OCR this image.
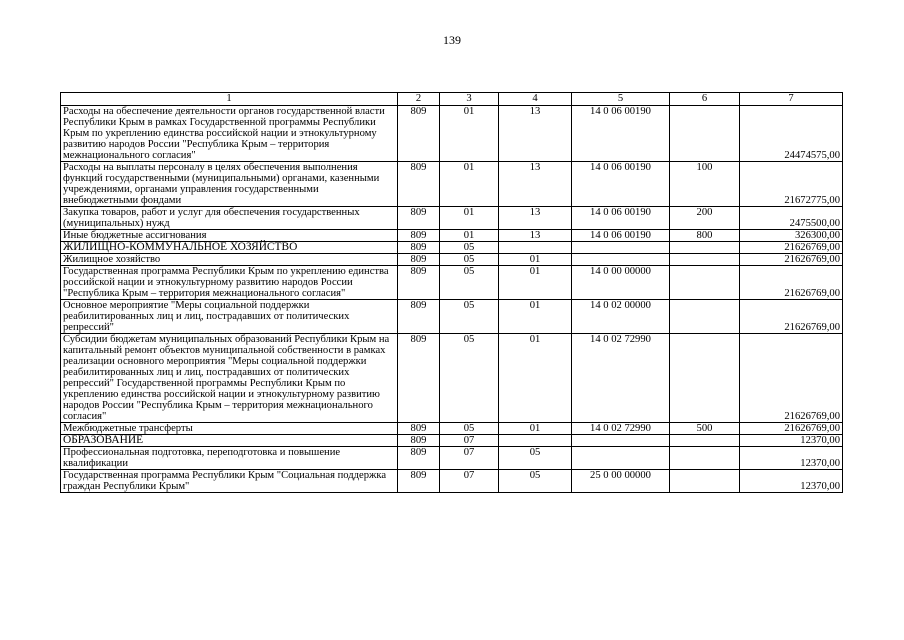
139
1	2	3	4	5	6	7
Расходы на обеспечение деятельности органов государственной власти Республики Крым в рамках Государственной программы Республики Крым по укреплению единства российской нации и этнокультурному развитию народов России "Республика Крым – территория межнационального согласия"	809	01	13	14 0 06 00190		24474575,00
Расходы на выплаты персоналу в целях обеспечения выполнения функций государственными (муниципальными) органами, казенными учреждениями, органами управления государственными внебюджетными фондами	809	01	13	14 0 06 00190	100	21672775,00
Закупка товаров, работ и услуг для обеспечения государственных (муниципальных) нужд	809	01	13	14 0 06 00190	200	2475500,00
Иные бюджетные ассигнования	809	01	13	14 0 06 00190	800	326300,00
ЖИЛИЩНО-КОММУНАЛЬНОЕ ХОЗЯЙСТВО	809	05				21626769,00
Жилищное хозяйство	809	05	01			21626769,00
Государственная программа Республики Крым по укреплению единства российской нации и этнокультурному развитию народов России "Республика Крым – территория межнационального согласия"	809	05	01	14 0 00 00000		21626769,00
Основное мероприятие "Меры социальной поддержки реабилитированных лиц и лиц, пострадавших от политических репрессий"	809	05	01	14 0 02 00000		21626769,00
Субсидии бюджетам муниципальных образований Республики Крым на капитальный ремонт объектов муниципальной собственности в рамках реализации основного мероприятия "Меры социальной поддержки реабилитированных лиц и лиц, пострадавших от политических репрессий" Государственной программы Республики Крым по укреплению единства российской нации и этнокультурному развитию народов России "Республика Крым – территория межнационального согласия"	809	05	01	14 0 02 72990		21626769,00
Межбюджетные трансферты	809	05	01	14 0 02 72990	500	21626769,00
ОБРАЗОВАНИЕ	809	07				12370,00
Профессиональная подготовка, переподготовка и повышение квалификации	809	07	05			12370,00
Государственная программа Республики Крым "Социальная поддержка граждан Республики Крым"	809	07	05	25 0 00 00000		12370,00
